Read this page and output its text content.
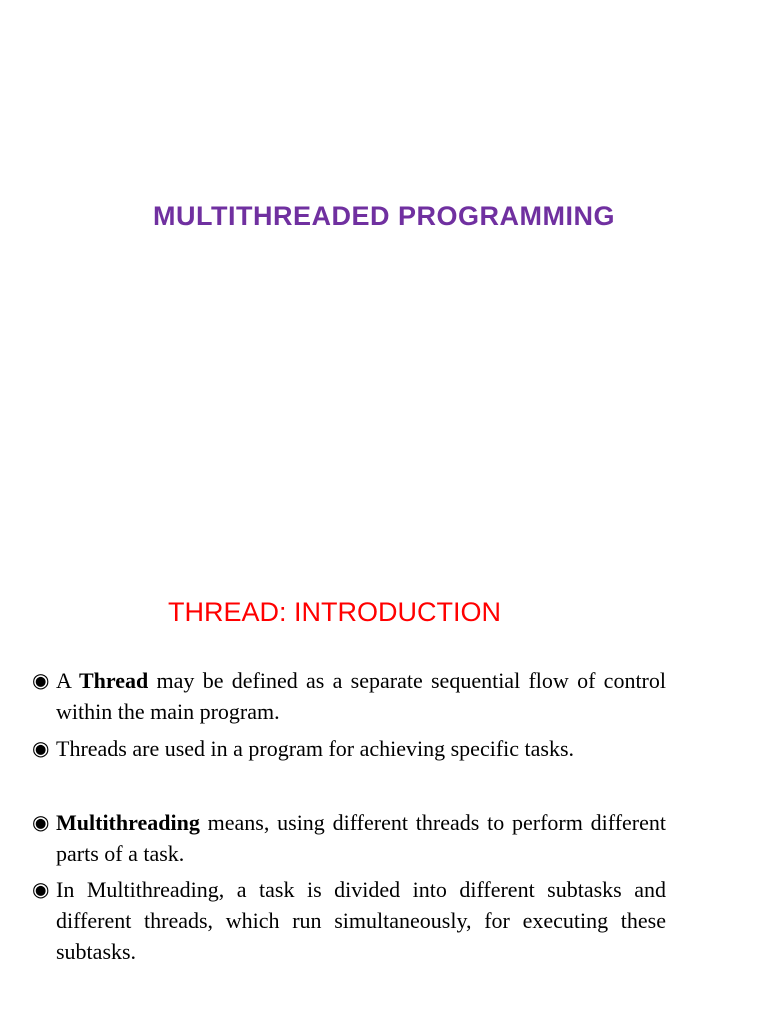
MULTITHREADED PROGRAMMING
THREAD: INTRODUCTION
◉ A Thread may be defined as a separate sequential flow of control within the main program.
◉ Threads are used in a program for achieving specific tasks.
◉ Multithreading means, using different threads to perform different parts of a task.
◉ In Multithreading, a task is divided into different subtasks and different threads, which run simultaneously, for executing these subtasks.
